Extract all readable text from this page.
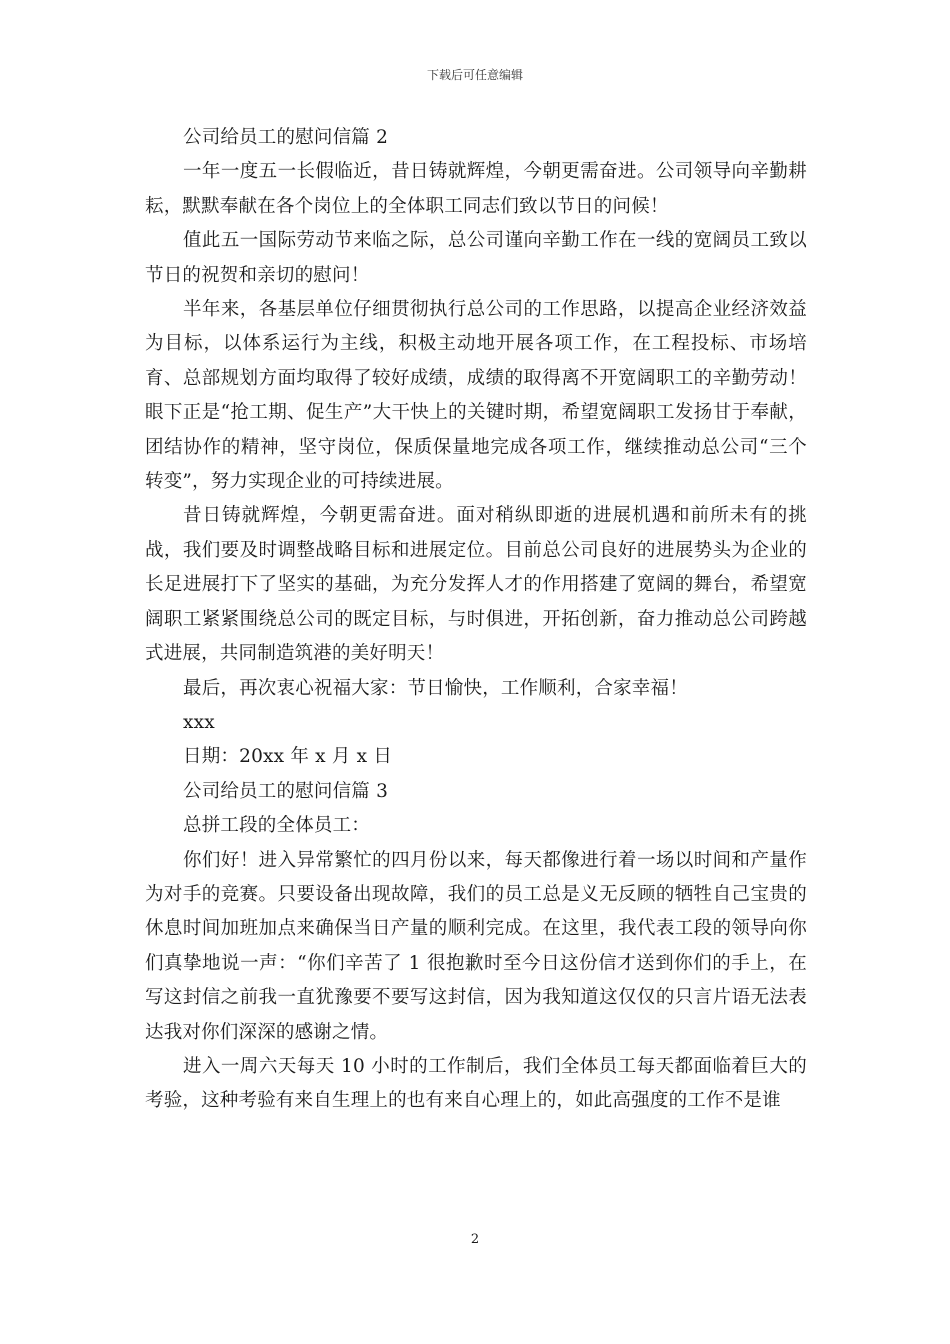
下载后可任意编辑

公司给员工的慰问信篇 2

一年一度五一长假临近，昔日铸就辉煌，今朝更需奋进。公司领导向辛勤耕耘，默默奉献在各个岗位上的全体职工同志们致以节日的问候！

值此五一国际劳动节来临之际，总公司谨向辛勤工作在一线的宽阔员工致以节日的祝贺和亲切的慰问！

半年来，各基层单位仔细贯彻执行总公司的工作思路，以提高企业经济效益为目标，以体系运行为主线，积极主动地开展各项工作，在工程投标、市场培育、总部规划方面均取得了较好成绩，成绩的取得离不开宽阔职工的辛勤劳动！眼下正是“抢工期、促生产”大干快上的关键时期，希望宽阔职工发扬甘于奉献，团结协作的精神，坚守岗位，保质保量地完成各项工作，继续推动总公司“三个转变”，努力实现企业的可持续进展。

昔日铸就辉煌，今朝更需奋进。面对稍纵即逝的进展机遇和前所未有的挑战，我们要及时调整战略目标和进展定位。目前总公司良好的进展势头为企业的长足进展打下了坚实的基础，为充分发挥人才的作用搭建了宽阔的舞台，希望宽阔职工紧紧围绕总公司的既定目标，与时俱进，开拓创新，奋力推动总公司跨越式进展，共同制造筑港的美好明天！

最后，再次衷心祝福大家：节日愉快，工作顺利，合家幸福！

xxx

日期：20xx 年 x 月 x 日

公司给员工的慰问信篇 3

总拼工段的全体员工：

你们好！进入异常繁忙的四月份以来，每天都像进行着一场以时间和产量作为对手的竞赛。只要设备出现故障，我们的员工总是义无反顾的牺牲自己宝贵的休息时间加班加点来确保当日产量的顺利完成。在这里，我代表工段的领导向你们真挚地说一声：“你们辛苦了 1 很抱歉时至今日这份信才送到你们的手上，在写这封信之前我一直犹豫要不要写这封信，因为我知道这仅仅的只言片语无法表达我对你们深深的感谢之情。

进入一周六天每天 10 小时的工作制后，我们全体员工每天都面临着巨大的考验，这种考验有来自生理上的也有来自心理上的，如此高强度的工作不是谁

2
